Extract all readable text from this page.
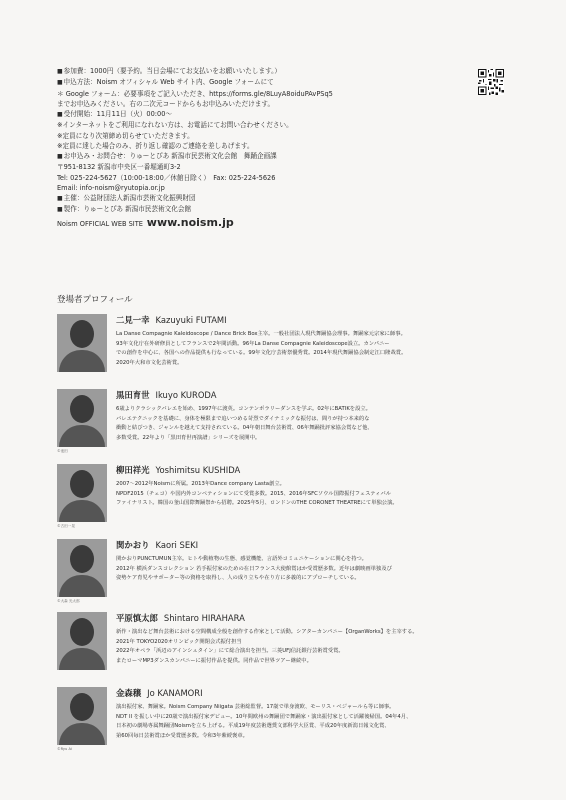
■ 参加費：1000円（要予約。当日会場にてお支払いをお願いいたします。）
■ 申込方法：Noism オフィシャル Web サイト内、Google フォームにて
＊ Google フォーム：必要事項をご記入いただき、https://forms.gle/8LuyA8oiduPAvPSq5
までお申込みください。右の二次元コードからもお申込みいただけます。
■ 受付開始：11月11日（火）00:00～
※インターネットをご利用になれない方は、お電話にてお問い合わせください。
※定員になり次第締め切らせていただきます。
※定員に達した場合のみ、折り返し確認のご連絡を差しあげます。
■ お申込み・お問合せ：りゅーとぴあ 新潟市民芸術文化会館　舞踊企画課
〒951-8132 新潟市中央区一番堀通町3-2
Tel: 025-224-5627（10:00-18:00／休館日除く）　Fax: 025-224-5626
Email: info-noism@ryutopia.or.jp
■ 主催：公益財団法人新潟市芸術文化振興財団
■ 製作：りゅーとぴあ 新潟市民芸術文化会館
Noism OFFICIAL WEB SITE www.noism.jp
登場者プロフィール
二見一幸 Kazuyuki FUTAMI
La Danse Compagnie Kaleidoscope / Dance Brick Box主宰。一般社団法人現代舞踊協会理事。舞踊家元宗家に師事。
93年文化庁在外研修員としてフランスで2年間活動。96年La Danse Compagnie Kaleidoscope設立。カンパニー
での創作を中心に、各国への作品提供も行なっている。99年文化庁芸術祭優秀賞。2014年現代舞踊協会制定江口隆哉賞。
2020年大和市文化芸術賞。
©池田
黒田育世 Ikuyo KURODA
6歳よりクラシックバレエを始め、1997年に渡英。コンテンポラリーダンスを学ぶ。02年にBATIKを設立。
バレエテクニックを基礎に、身体を極限まで追いつめる苛烈でダイナミックな振付は、間りが持つ本来的な
衝動と結びつき、ジャンルを越えて支持されている。04年朝日舞台芸術賞、06年舞踊批評家協会賞など他、
多数受賞。22年より「黒田育世再演譜」シリーズを展開中。
©古田一晃
柳田祥光 Yoshimitsu KUSHIDA
2007～2012年Noismに所属。2013年Dance company Lasta創立。
NPDF2015（チェコ）や国内外コンペティションにて受賞多数。2015、2016年SFCソウル国際振付フェスティバル
ファイナリスト。韓国の釜山国際舞踊祭から招聘。2025年5月、ロンドンのTHE CORONET THEATREにて単独公演。
©大森 光太郎
関かおり Kaori SEKI
関かおりPUNCTUMUN主宰。ヒトや動植物の生態、感覚機能、言語外コミュニケーションに関心を持つ。
2012年 横浜ダンスコレクション 若手振付家のための在日フランス大使館賞はか受賞歴多数。近年は劇映画単独及び
姿勢ケア育児やサポーター等の資格を取得し、人の成り立ちや在り方に多義的にアプローチしている。
平原慎太郎 Shintaro HIRAHARA
新作・演出など舞台芸術における空間構成全般を創作する作家として活動。シアターカンパニー【OrganWorks】を主宰する。
2021年 TOKYO2020オリンピック開閉会式振付担当
2022年オペラ「浜辺のアインシュタイン」にて総合演出を担当。三菱UFJ信託銀行芸術賞受賞。
またローマMP3ダンスカンパニーに振付作品を提供。同作品で世界ツアー継続中。
©Ryu Ai
金森穣 Jo KANAMORI
演出振付家、舞踊家。Noism Company Niigata 芸術総監督。17歳で単身渡欧、モーリス・ベジャールら等に師事。
NDT II を振しい中に20歳で演出振付家デビュー。10年間欧州の舞踊団で舞踊家・演出振付家として活躍後帰国。04年4月、
日本初の劇場専属舞踊団Noismを立ち上げる。平成19年度芸術選奨文部科学大臣賞、平成20年度新潟日報文化賞、
第60回毎日芸術賞ほか受賞歴多数。令和3年紫綬褒章。
